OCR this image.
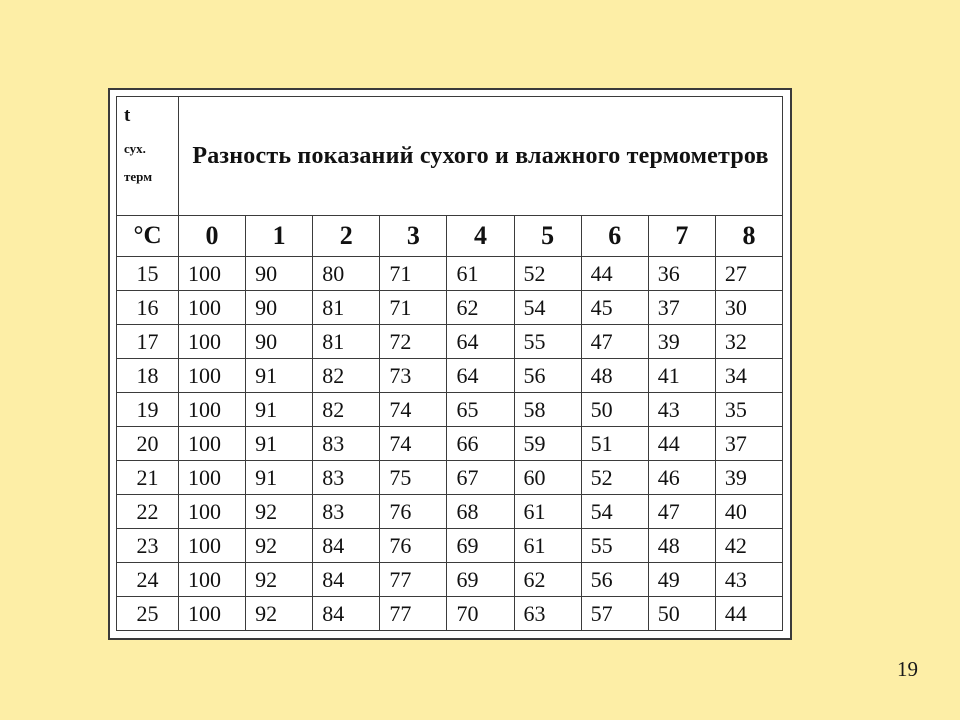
t
сух.
терм	Разность показаний сухого и влажного термометров								
°C	0	1	2	3	4	5	6	7	8
15	100	90	80	71	61	52	44	36	27
16	100	90	81	71	62	54	45	37	30
17	100	90	81	72	64	55	47	39	32
18	100	91	82	73	64	56	48	41	34
19	100	91	82	74	65	58	50	43	35
20	100	91	83	74	66	59	51	44	37
21	100	91	83	75	67	60	52	46	39
22	100	92	83	76	68	61	54	47	40
23	100	92	84	76	69	61	55	48	42
24	100	92	84	77	69	62	56	49	43
25	100	92	84	77	70	63	57	50	44
19
